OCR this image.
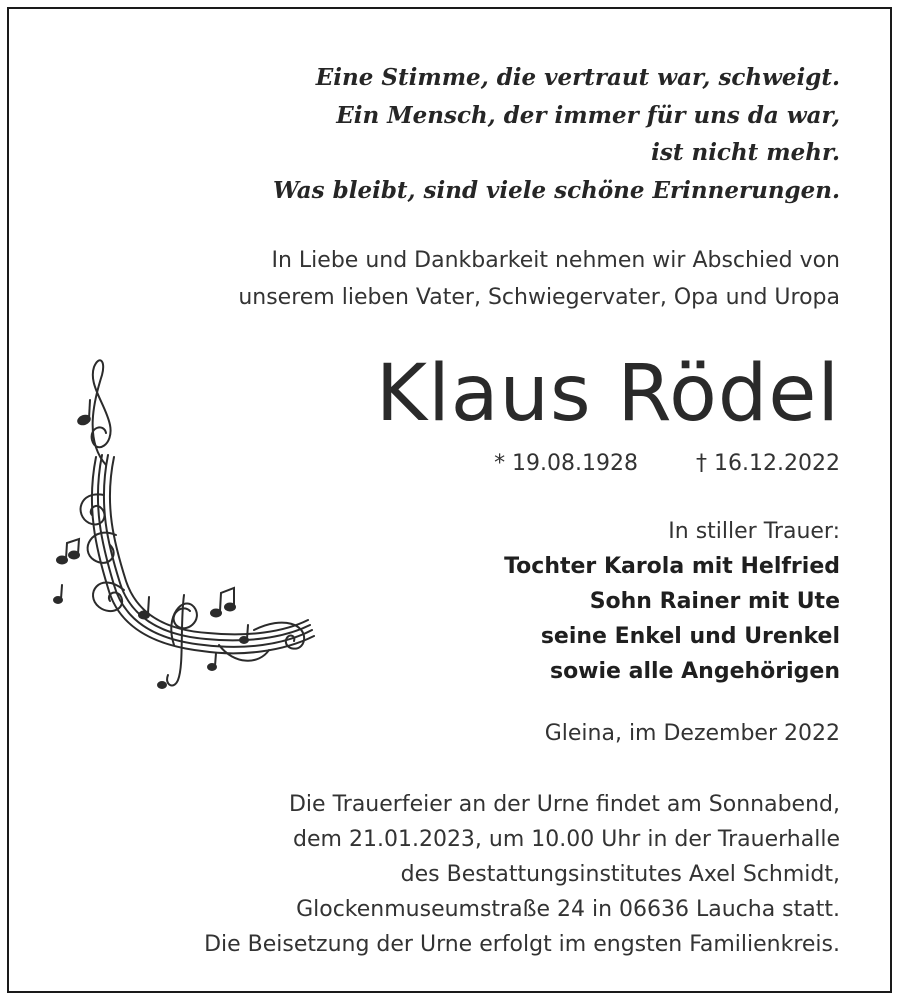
Eine Stimme, die vertraut war, schweigt.
Ein Mensch, der immer für uns da war,
ist nicht mehr.
Was bleibt, sind viele schöne Erinnerungen.
In Liebe und Dankbarkeit nehmen wir Abschied von
unserem lieben Vater, Schwiegervater, Opa und Uropa
Klaus Rödel
* 19.08.1928	† 16.12.2022
In stiller Trauer:
Tochter Karola mit Helfried
Sohn Rainer mit Ute
seine Enkel und Urenkel
sowie alle Angehörigen
Gleina, im Dezember 2022
Die Trauerfeier an der Urne findet am Sonnabend,
dem 21.01.2023, um 10.00 Uhr in der Trauerhalle
des Bestattungsinstitutes Axel Schmidt,
Glockenmuseumstraße 24 in 06636 Laucha statt.
Die Beisetzung der Urne erfolgt im engsten Familienkreis.
